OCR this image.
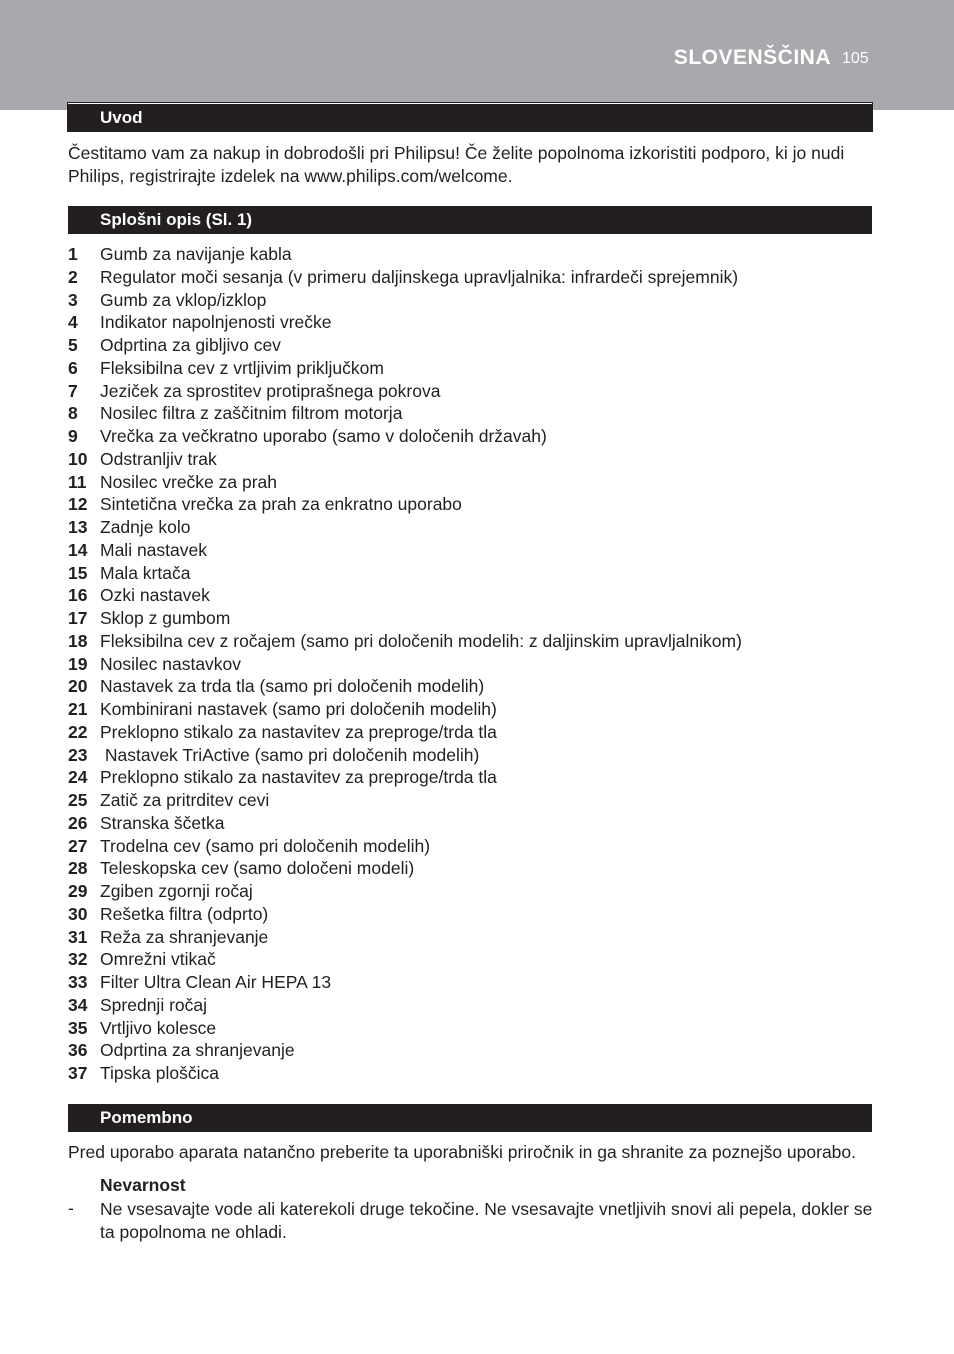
SLOVENŠČINA 105
Uvod
Čestitamo vam za nakup in dobrodošli pri Philipsu! Če želite popolnoma izkoristiti podporo, ki jo nudi Philips, registrirajte izdelek na www.philips.com/welcome.
Splošni opis (Sl. 1)
1	Gumb za navijanje kabla
2	Regulator moči sesanja (v primeru daljinskega upravljalnika: infrardeči sprejemnik)
3	Gumb za vklop/izklop
4	Indikator napolnjenosti vrečke
5	Odprtina za gibljivo cev
6	Fleksibilna cev z vrtljivim priključkom
7	Jeziček za sprostitev protiprašnega pokrova
8	Nosilec filtra z zaščitnim filtrom motorja
9	Vrečka za večkratno uporabo (samo v določenih državah)
10 Odstranljiv trak
11 Nosilec vrečke za prah
12 Sintetična vrečka za prah za enkratno uporabo
13 Zadnje kolo
14 Mali nastavek
15 Mala krtača
16 Ozki nastavek
17 Sklop z gumbom
18 Fleksibilna cev z ročajem (samo pri določenih modelih: z daljinskim upravljalnikom)
19 Nosilec nastavkov
20 Nastavek za trda tla (samo pri določenih modelih)
21 Kombinirani nastavek (samo pri določenih modelih)
22 Preklopno stikalo za nastavitev za preproge/trda tla
23 Nastavek TriActive (samo pri določenih modelih)
24 Preklopno stikalo za nastavitev za preproge/trda tla
25 Zatič za pritrditev cevi
26 Stranska ščetka
27 Trodelna cev (samo pri določenih modelih)
28 Teleskopska cev (samo določeni modeli)
29 Zgiben zgornji ročaj
30 Rešetka filtra (odprto)
31 Reža za shranjevanje
32 Omrežni vtikač
33 Filter Ultra Clean Air HEPA 13
34 Sprednji ročaj
35 Vrtljivo kolesce
36 Odprtina za shranjevanje
37 Tipska ploščica
Pomembno
Pred uporabo aparata natančno preberite ta uporabniški priročnik in ga shranite za poznejšo uporabo.
Nevarnost
- Ne vsesavajte vode ali katerekoli druge tekočine. Ne vsesavajte vnetljivih snovi ali pepela, dokler se ta popolnoma ne ohladi.
